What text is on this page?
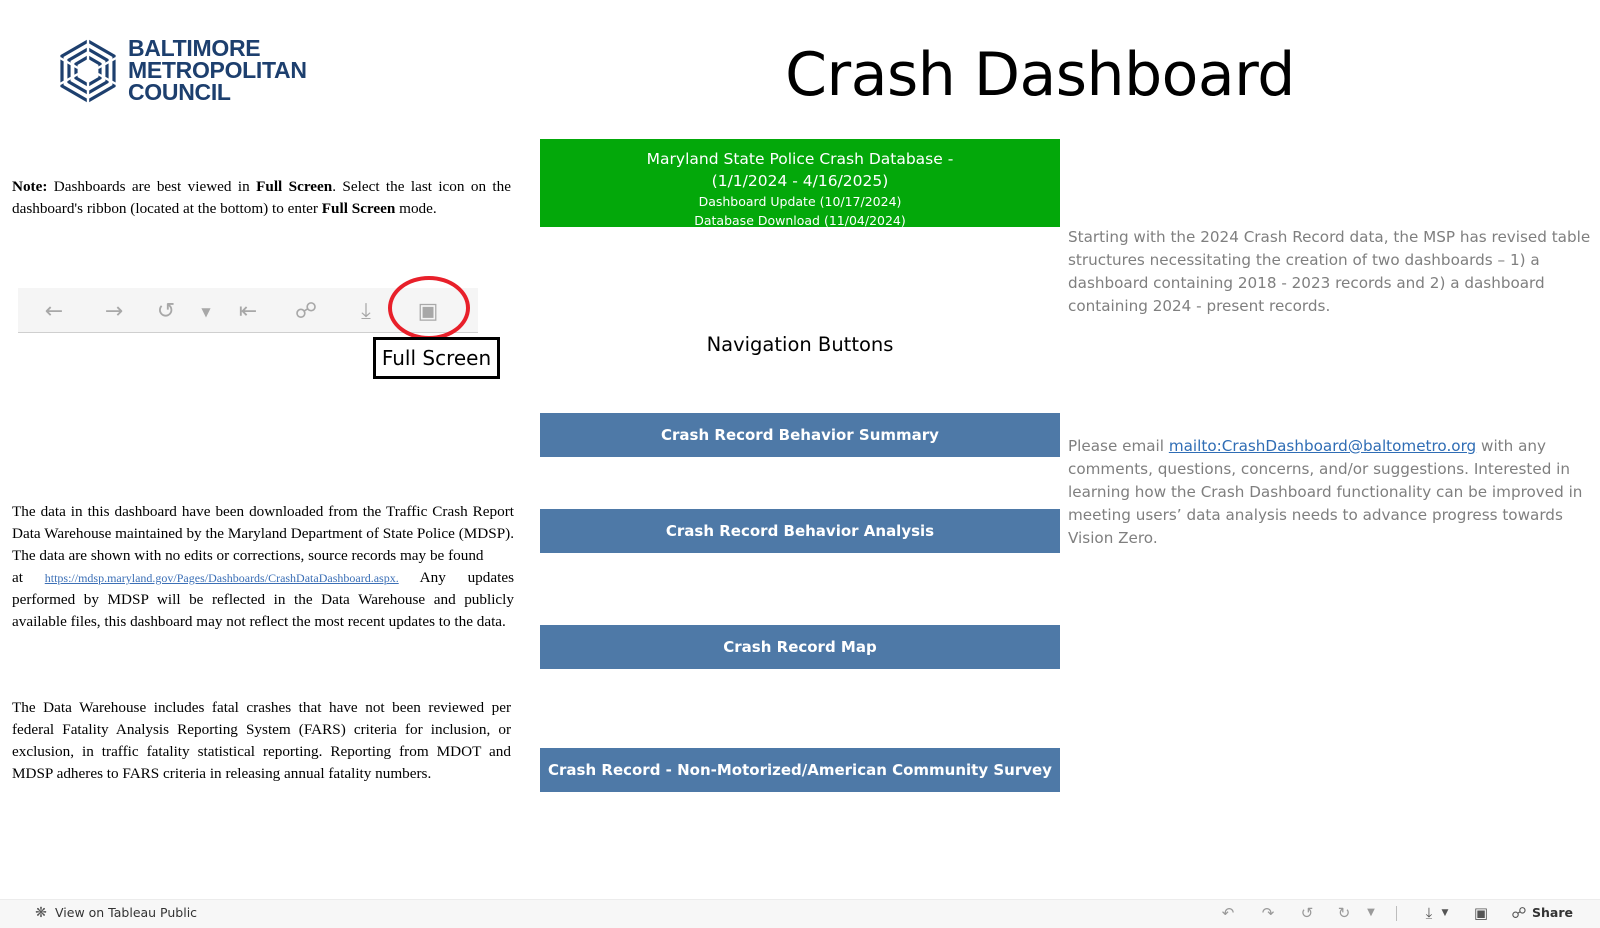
BALTIMORE
METROPOLITAN
COUNCIL	Crash Dashboard
Note: Dashboards are best viewed in Full Screen. Select the last icon on the dashboard's ribbon (located at the bottom) to enter Full Screen mode.
← → ↺	▼	⇤ ☍	⤓	▣
Full Screen
The data in this dashboard have been downloaded from the Traffic Crash Report Data Warehouse maintained by the Maryland Department of State Police (MDSP). The data are shown with no edits or corrections, source records may be found
at https://mdsp.maryland.gov/Pages/Dashboards/CrashDataDashboard.aspx. Any updates performed by MDSP will be reflected in the Data Warehouse and publicly available files, this dashboard may not reflect the most recent updates to the data.
The Data Warehouse includes fatal crashes that have not been reviewed per federal Fatality Analysis Reporting System (FARS) criteria for inclusion, or exclusion, in traffic fatality statistical reporting. Reporting from MDOT and MDSP adheres to FARS criteria in releasing annual fatality numbers.
Maryland State Police Crash Database -
(1/1/2024 - 4/16/2025)
Dashboard Update (10/17/2024)
Database Download (11/04/2024)
Navigation Buttons
Crash Record Behavior Summary
Crash Record Behavior Analysis
Crash Record Map
Crash Record - Non-Motorized/American Community Survey
Starting with the 2024 Crash Record data, the MSP has revised table structures necessitating the creation of two dashboards – 1) a dashboard containing 2018 - 2023 records and 2) a dashboard containing 2024 - present records.
Please email mailto:CrashDashboard@baltometro.org with any comments, questions, concerns, and/or suggestions. Interested in learning how the Crash Dashboard functionality can be improved in meeting users’ data analysis needs to advance progress towards Vision Zero.
❋ View on Tableau Public	↶	↷	↺	↻	▼	⤓	▼	▣ ☍ Share
